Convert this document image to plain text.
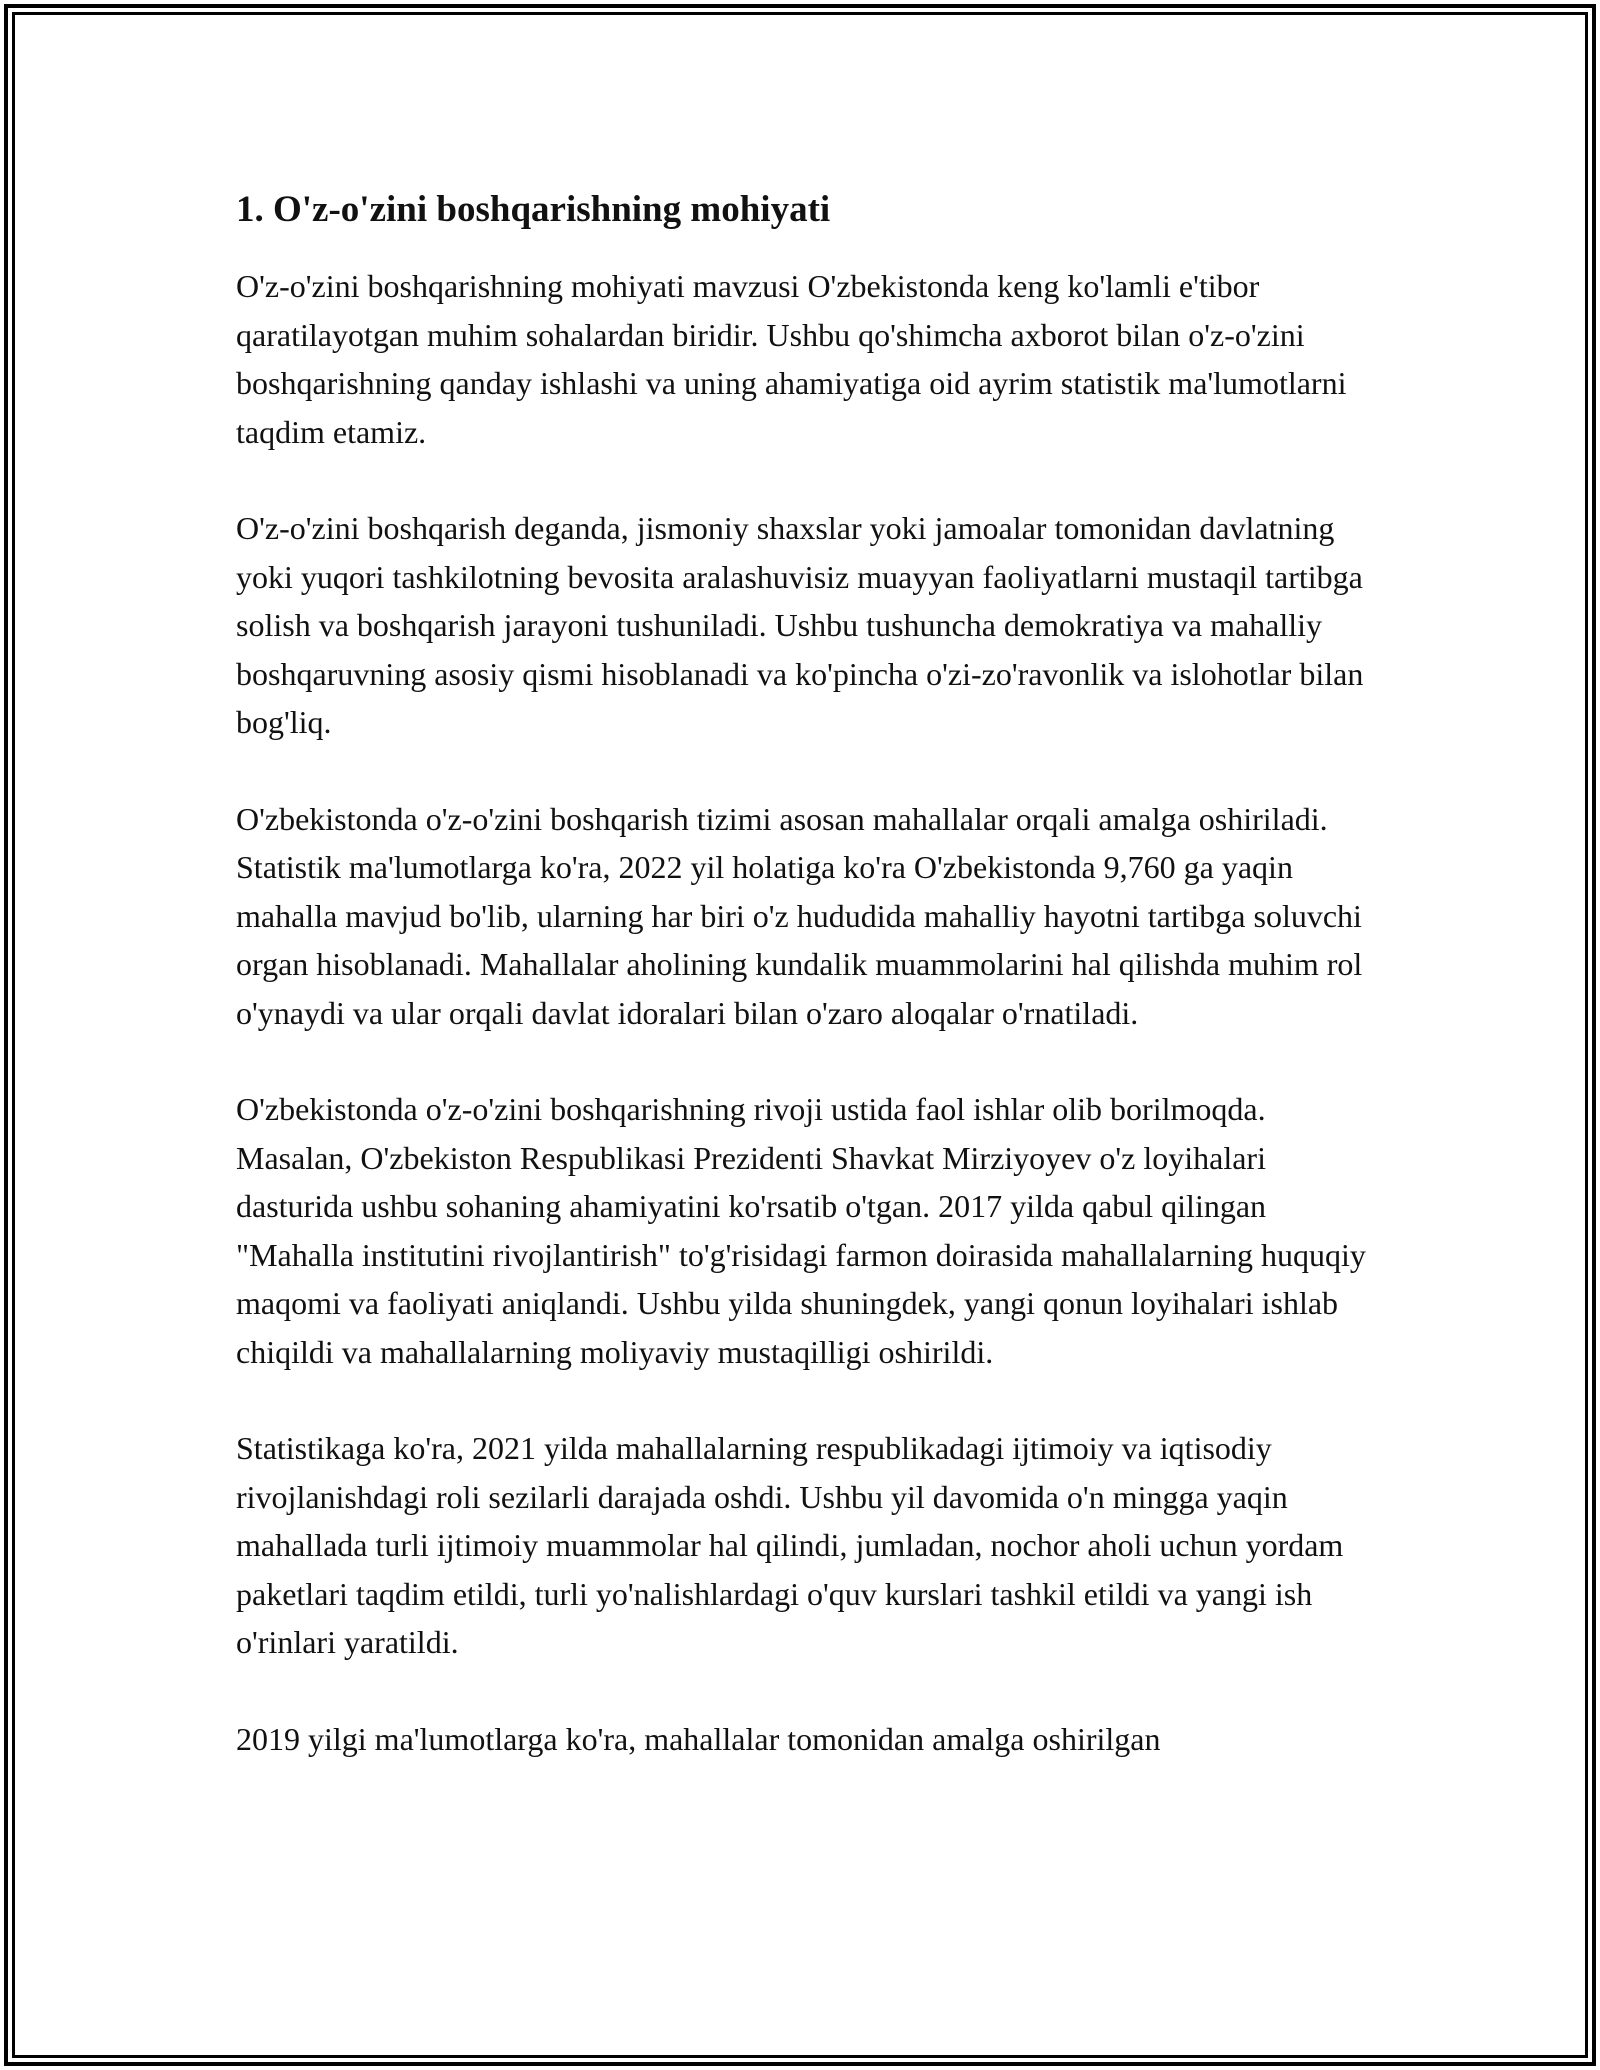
1. O'z-o'zini boshqarishning mohiyati

O'z-o'zini boshqarishning mohiyati mavzusi O'zbekistonda keng ko'lamli e'tibor qaratilayotgan muhim sohalardan biridir. Ushbu qo'shimcha axborot bilan o'z-o'zini boshqarishning qanday ishlashi va uning ahamiyatiga oid ayrim statistik ma'lumotlarni taqdim etamiz.

O'z-o'zini boshqarish deganda, jismoniy shaxslar yoki jamoalar tomonidan davlatning yoki yuqori tashkilotning bevosita aralashuvisiz muayyan faoliyatlarni mustaqil tartibga solish va boshqarish jarayoni tushuniladi. Ushbu tushuncha demokratiya va mahalliy boshqaruvning asosiy qismi hisoblanadi va ko'pincha o'zi-zo'ravonlik va islohotlar bilan bog'liq.

O'zbekistonda o'z-o'zini boshqarish tizimi asosan mahallalar orqali amalga oshiriladi. Statistik ma'lumotlarga ko'ra, 2022 yil holatiga ko'ra O'zbekistonda 9,760 ga yaqin mahalla mavjud bo'lib, ularning har biri o'z hududida mahalliy hayotni tartibga soluvchi organ hisoblanadi. Mahallalar aholining kundalik muammolarini hal qilishda muhim rol o'ynaydi va ular orqali davlat idoralari bilan o'zaro aloqalar o'rnatiladi.

O'zbekistonda o'z-o'zini boshqarishning rivoji ustida faol ishlar olib borilmoqda. Masalan, O'zbekiston Respublikasi Prezidenti Shavkat Mirziyoyev o'z loyihalari dasturida ushbu sohaning ahamiyatini ko'rsatib o'tgan. 2017 yilda qabul qilingan "Mahalla institutini rivojlantirish" to'g'risidagi farmon doirasida mahallalarning huquqiy maqomi va faoliyati aniqlandi. Ushbu yilda shuningdek, yangi qonun loyihalari ishlab chiqildi va mahallalarning moliyaviy mustaqilligi oshirildi.

Statistikaga ko'ra, 2021 yilda mahallalarning respublikadagi ijtimoiy va iqtisodiy rivojlanishdagi roli sezilarli darajada oshdi. Ushbu yil davomida o'n mingga yaqin mahallada turli ijtimoiy muammolar hal qilindi, jumladan, nochor aholi uchun yordam paketlari taqdim etildi, turli yo'nalishlardagi o'quv kurslari tashkil etildi va yangi ish o'rinlari yaratildi.

2019 yilgi ma'lumotlarga ko'ra, mahallalar tomonidan amalga oshirilgan
